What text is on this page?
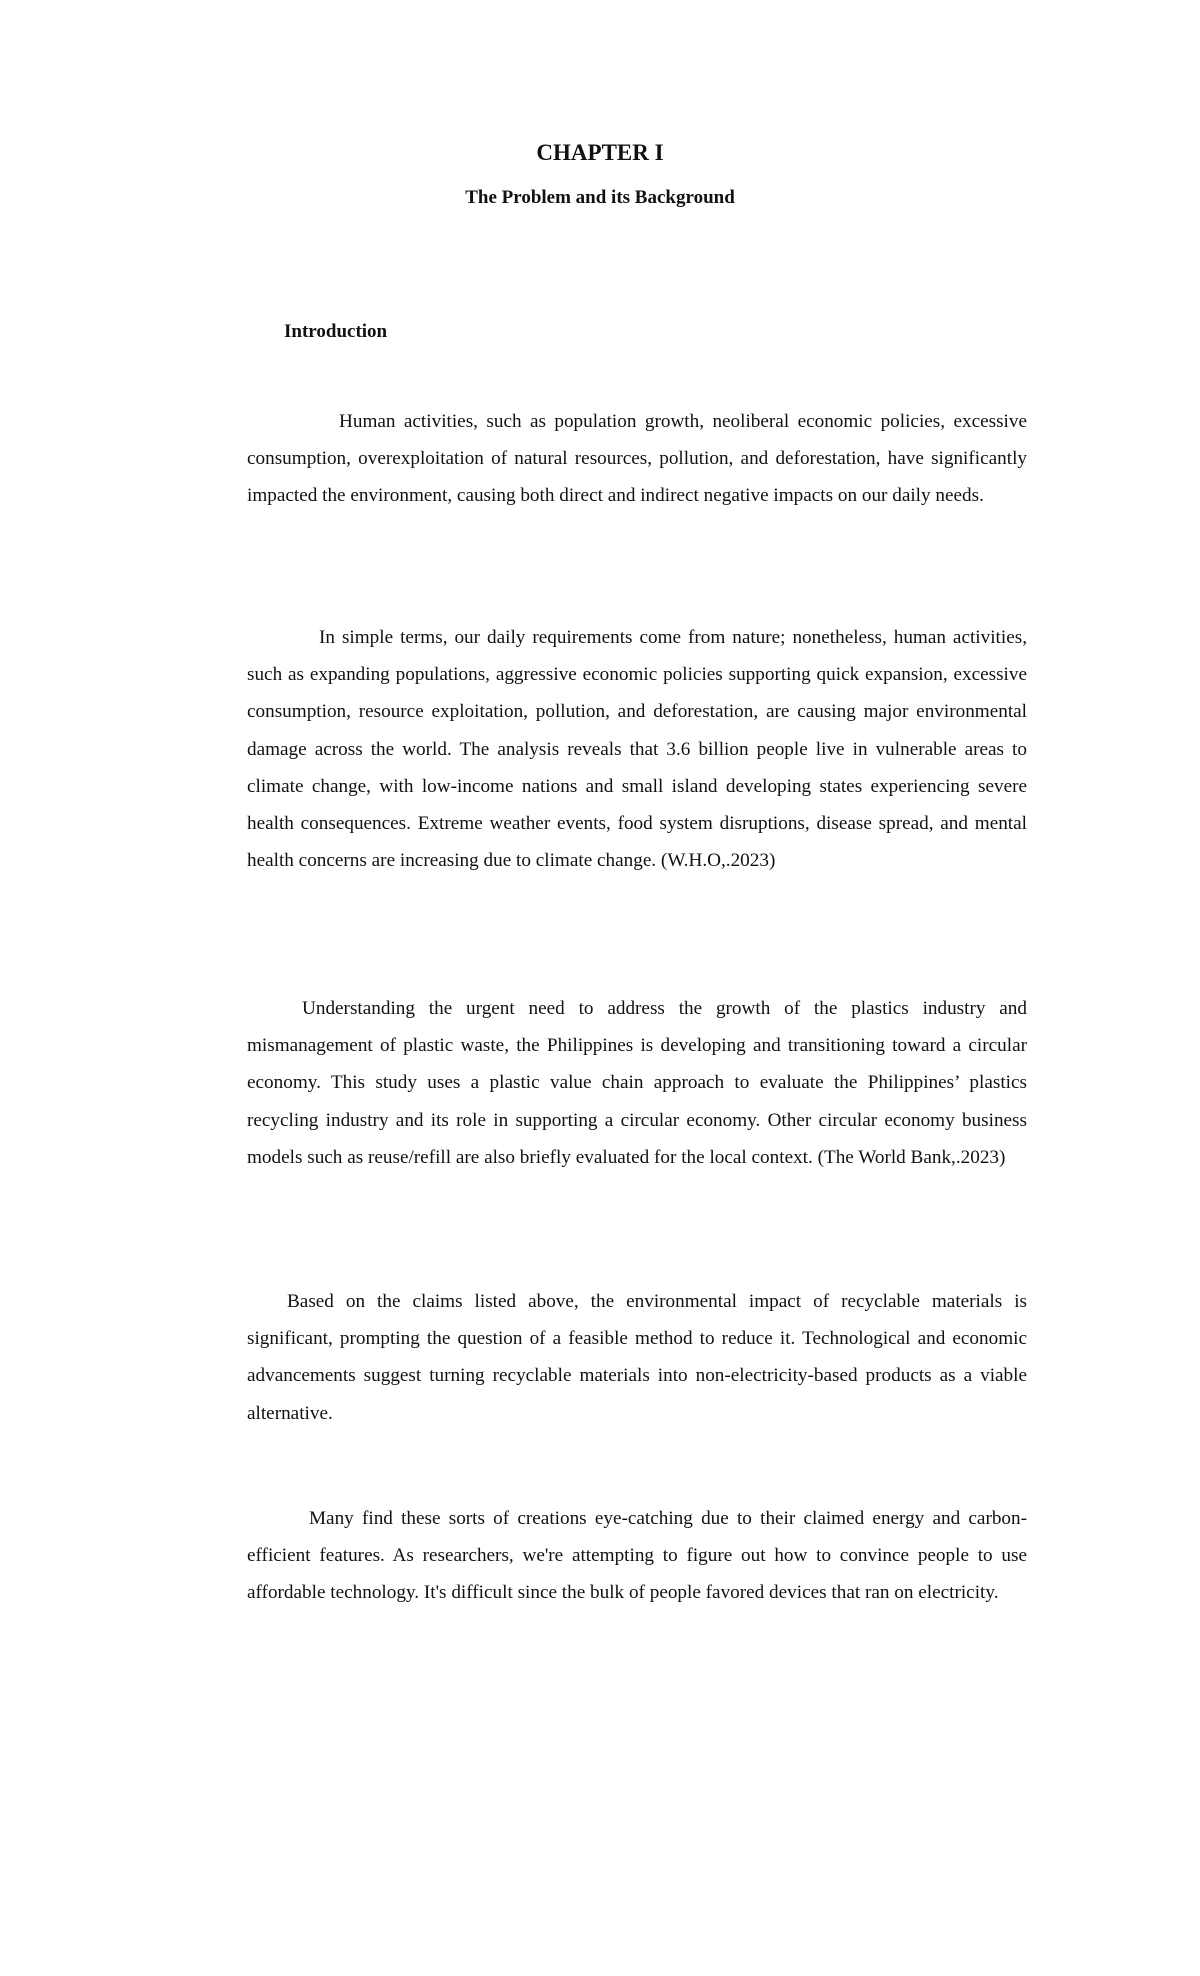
CHAPTER I
The Problem and its Background
Introduction

Human activities, such as population growth, neoliberal economic policies, excessive consumption, overexploitation of natural resources, pollution, and deforestation, have significantly impacted the environment, causing both direct and indirect negative impacts on our daily needs.

In simple terms, our daily requirements come from nature; nonetheless, human activities, such as expanding populations, aggressive economic policies supporting quick expansion, excessive consumption, resource exploitation, pollution, and deforestation, are causing major environmental damage across the world. The analysis reveals that 3.6 billion people live in vulnerable areas to climate change, with low-income nations and small island developing states experiencing severe health consequences. Extreme weather events, food system disruptions, disease spread, and mental health concerns are increasing due to climate change. (W.H.O,.2023)

Understanding the urgent need to address the growth of the plastics industry and mismanagement of plastic waste, the Philippines is developing and transitioning toward a circular economy. This study uses a plastic value chain approach to evaluate the Philippines’ plastics recycling industry and its role in supporting a circular economy. Other circular economy business models such as reuse/refill are also briefly evaluated for the local context. (The World Bank,.2023)

Based on the claims listed above, the environmental impact of recyclable materials is significant, prompting the question of a feasible method to reduce it. Technological and economic advancements suggest turning recyclable materials into non-electricity-based products as a viable alternative.

Many find these sorts of creations eye-catching due to their claimed energy and carbon-efficient features. As researchers, we're attempting to figure out how to convince people to use affordable technology. It's difficult since the bulk of people favored devices that ran on electricity.
